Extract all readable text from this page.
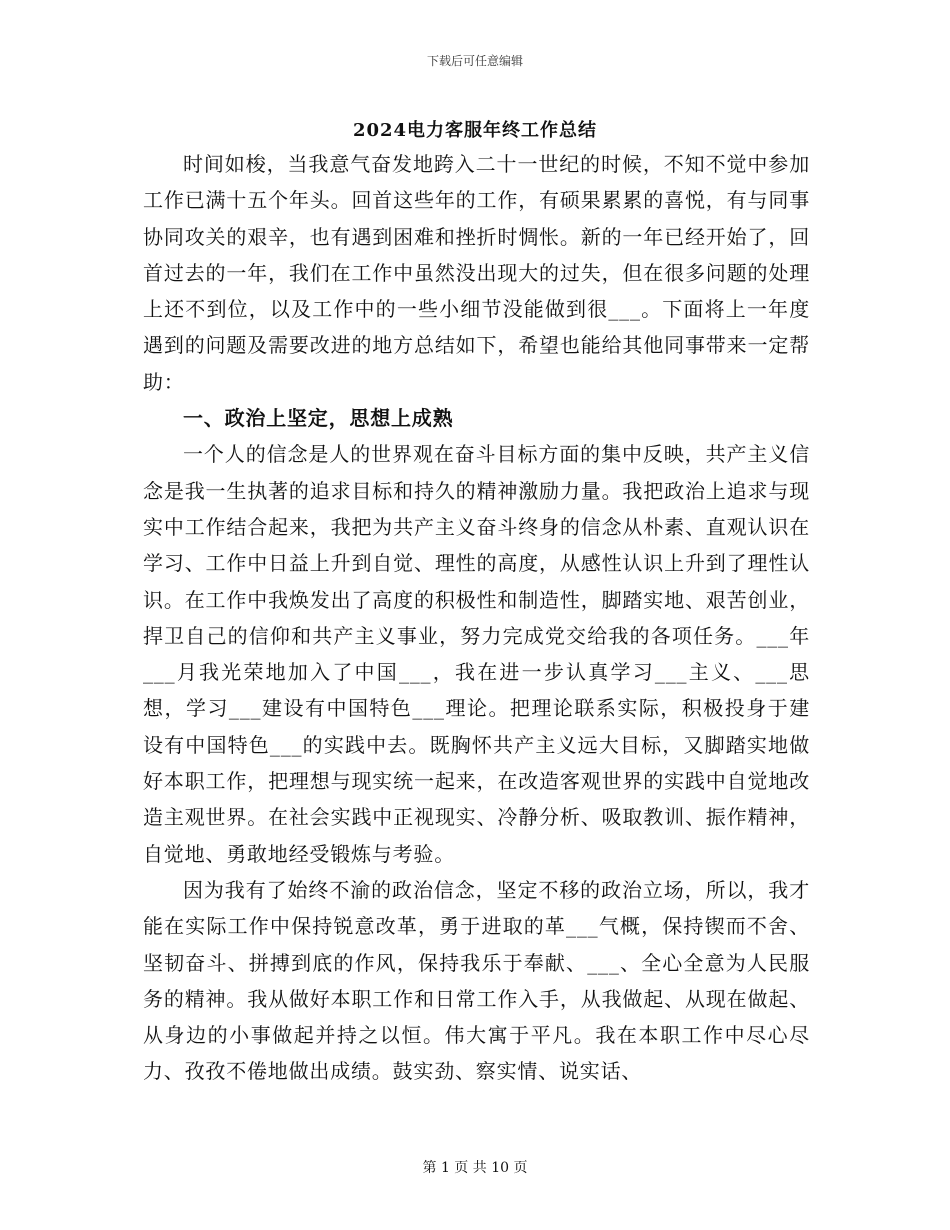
下载后可任意编辑
2024电力客服年终工作总结

时间如梭，当我意气奋发地跨入二十一世纪的时候，不知不觉中参加工作已满十五个年头。回首这些年的工作，有硕果累累的喜悦，有与同事协同攻关的艰辛，也有遇到困难和挫折时惆怅。新的一年已经开始了，回首过去的一年，我们在工作中虽然没出现大的过失，但在很多问题的处理上还不到位，以及工作中的一些小细节没能做到很___。下面将上一年度遇到的问题及需要改进的地方总结如下，希望也能给其他同事带来一定帮助：

一、政治上坚定，思想上成熟

一个人的信念是人的世界观在奋斗目标方面的集中反映，共产主义信念是我一生执著的追求目标和持久的精神激励力量。我把政治上追求与现实中工作结合起来，我把为共产主义奋斗终身的信念从朴素、直观认识在学习、工作中日益上升到自觉、理性的高度，从感性认识上升到了理性认识。在工作中我焕发出了高度的积极性和制造性，脚踏实地、艰苦创业，捍卫自己的信仰和共产主义事业，努力完成党交给我的各项任务。___年___月我光荣地加入了中国___，我在进一步认真学习___主义、___思想，学习___建设有中国特色___理论。把理论联系实际，积极投身于建设有中国特色___的实践中去。既胸怀共产主义远大目标，又脚踏实地做好本职工作，把理想与现实统一起来，在改造客观世界的实践中自觉地改造主观世界。在社会实践中正视现实、冷静分析、吸取教训、振作精神，自觉地、勇敢地经受锻炼与考验。

因为我有了始终不渝的政治信念，坚定不移的政治立场，所以，我才能在实际工作中保持锐意改革，勇于进取的革___气概，保持锲而不舍、坚韧奋斗、拼搏到底的作风，保持我乐于奉献、___、全心全意为人民服务的精神。我从做好本职工作和日常工作入手，从我做起、从现在做起、从身边的小事做起并持之以恒。伟大寓于平凡。我在本职工作中尽心尽力、孜孜不倦地做出成绩。鼓实劲、察实情、说实话、

第 1 页 共 10 页
